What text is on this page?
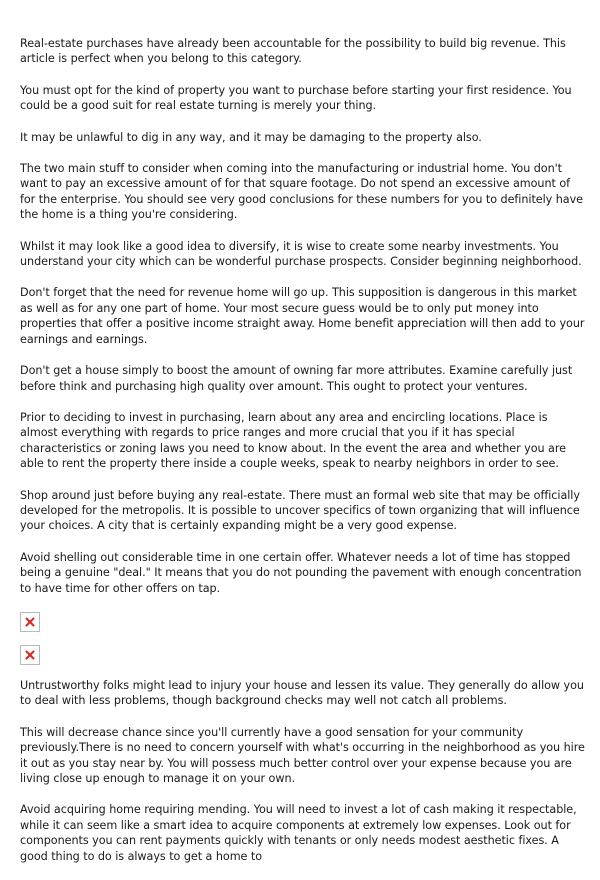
Real-estate purchases have already been accountable for the possibility to build big revenue. This article is perfect when you belong to this category.

You must opt for the kind of property you want to purchase before starting your first residence. You could be a good suit for real estate turning is merely your thing.

It may be unlawful to dig in any way, and it may be damaging to the property also.

The two main stuff to consider when coming into the manufacturing or industrial home. You don't want to pay an excessive amount of for that square footage. Do not spend an excessive amount of for the enterprise. You should see very good conclusions for these numbers for you to definitely have the home is a thing you're considering.

Whilst it may look like a good idea to diversify, it is wise to create some nearby investments. You understand your city which can be wonderful purchase prospects. Consider beginning neighborhood.

Don't forget that the need for revenue home will go up. This supposition is dangerous in this market as well as for any one part of home. Your most secure guess would be to only put money into properties that offer a positive income straight away. Home benefit appreciation will then add to your earnings and earnings.

Don't get a house simply to boost the amount of owning far more attributes. Examine carefully just before think and purchasing high quality over amount. This ought to protect your ventures.

Prior to deciding to invest in purchasing, learn about any area and encircling locations. Place is almost everything with regards to price ranges and more crucial that you if it has special characteristics or zoning laws you need to know about. In the event the area and whether you are able to rent the property there inside a couple weeks, speak to nearby neighbors in order to see.

Shop around just before buying any real-estate. There must an formal web site that may be officially developed for the metropolis. It is possible to uncover specifics of town organizing that will influence your choices. A city that is certainly expanding might be a very good expense.

Avoid shelling out considerable time in one certain offer. Whatever needs a lot of time has stopped being a genuine "deal." It means that you do not pounding the pavement with enough concentration to have time for other offers on tap.

Untrustworthy folks might lead to injury your house and lessen its value. They generally do allow you to deal with less problems, though background checks may well not catch all problems.

This will decrease chance since you'll currently have a good sensation for your community previously.There is no need to concern yourself with what's occurring in the neighborhood as you hire it out as you stay near by. You will possess much better control over your expense because you are living close up enough to manage it on your own.

Avoid acquiring home requiring mending. You will need to invest a lot of cash making it respectable, while it can seem like a smart idea to acquire components at extremely low expenses. Look out for components you can rent payments quickly with tenants or only needs modest aesthetic fixes. A good thing to do is always to get a home to
